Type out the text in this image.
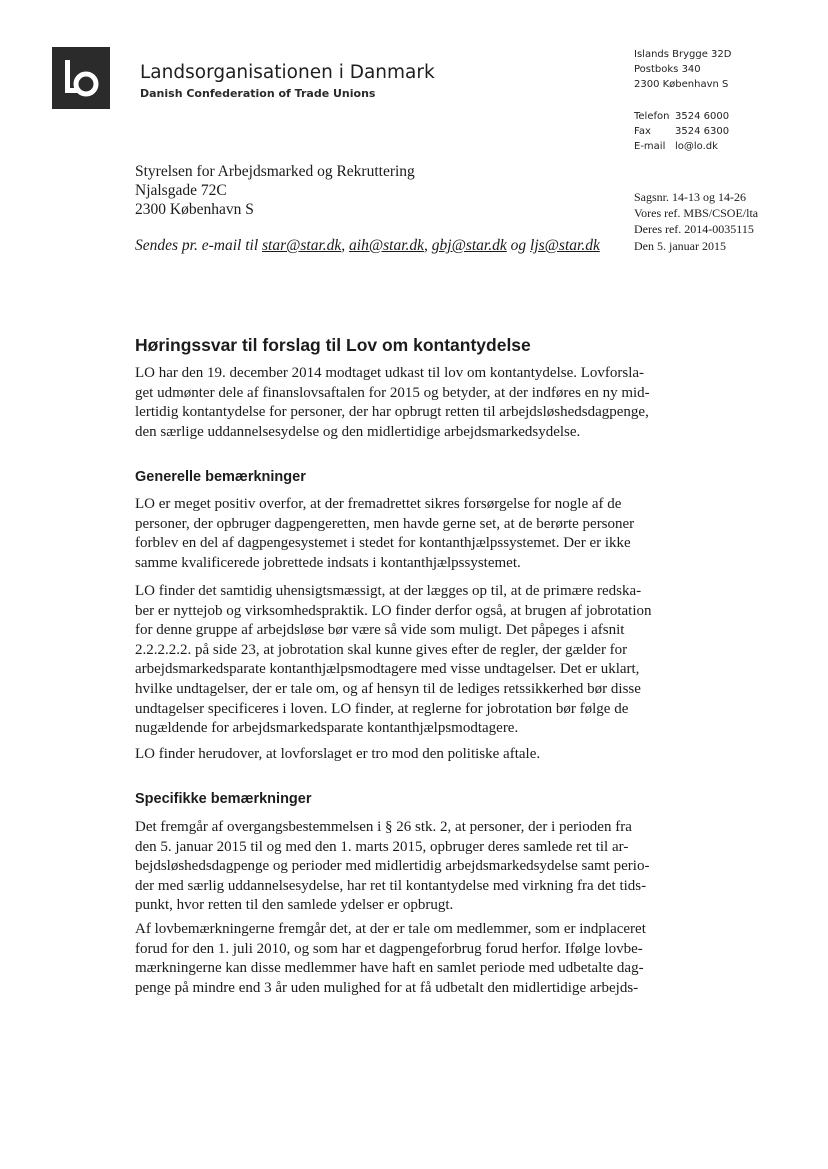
Landsorganisationen i Danmark
Danish Confederation of Trade Unions
Islands Brygge 32D
Postboks 340
2300 København S
Telefon 3524 6000
Fax	3524 6300
E-mail lo@lo.dk
Styrelsen for Arbejdsmarked og Rekruttering
Njalsgade 72C
2300 København S
Sagsnr. 14-13 og 14-26
Vores ref. MBS/CSOE/lta
Deres ref. 2014-0035115
Sendes pr. e-mail til star@star.dk, aih@star.dk, gbj@star.dk og ljs@star.dk	Den 5. januar 2015
Høringssvar til forslag til Lov om kontantydelse
LO har den 19. december 2014 modtaget udkast til lov om kontantydelse. Lovforsla-
get udmønter dele af finanslovsaftalen for 2015 og betyder, at der indføres en ny mid-
lertidig kontantydelse for personer, der har opbrugt retten til arbejdsløshedsdagpenge,
den særlige uddannelsesydelse og den midlertidige arbejdsmarkedsydelse.
Generelle bemærkninger
LO er meget positiv overfor, at der fremadrettet sikres forsørgelse for nogle af de
personer, der opbruger dagpengeretten, men havde gerne set, at de berørte personer
forblev en del af dagpengesystemet i stedet for kontanthjælpssystemet. Der er ikke
samme kvalificerede jobrettede indsats i kontanthjælpssystemet.
LO finder det samtidig uhensigtsmæssigt, at der lægges op til, at de primære redska-
ber er nyttejob og virksomhedspraktik. LO finder derfor også, at brugen af jobrotation
for denne gruppe af arbejdsløse bør være så vide som muligt. Det påpeges i afsnit
2.2.2.2.2. på side 23, at jobrotation skal kunne gives efter de regler, der gælder for
arbejdsmarkedsparate kontanthjælpsmodtagere med visse undtagelser. Det er uklart,
hvilke undtagelser, der er tale om, og af hensyn til de lediges retssikkerhed bør disse
undtagelser specificeres i loven. LO finder, at reglerne for jobrotation bør følge de
nugældende for arbejdsmarkedsparate kontanthjælpsmodtagere.
LO finder herudover, at lovforslaget er tro mod den politiske aftale.
Specifikke bemærkninger
Det fremgår af overgangsbestemmelsen i § 26 stk. 2, at personer, der i perioden fra
den 5. januar 2015 til og med den 1. marts 2015, opbruger deres samlede ret til ar-
bejdsløshedsdagpenge og perioder med midlertidig arbejdsmarkedsydelse samt perio-
der med særlig uddannelsesydelse, har ret til kontantydelse med virkning fra det tids-
punkt, hvor retten til den samlede ydelser er opbrugt.
Af lovbemærkningerne fremgår det, at der er tale om medlemmer, som er indplaceret
forud for den 1. juli 2010, og som har et dagpengeforbrug forud herfor. Ifølge lovbe-
mærkningerne kan disse medlemmer have haft en samlet periode med udbetalte dag-
penge på mindre end 3 år uden mulighed for at få udbetalt den midlertidige arbejds-
